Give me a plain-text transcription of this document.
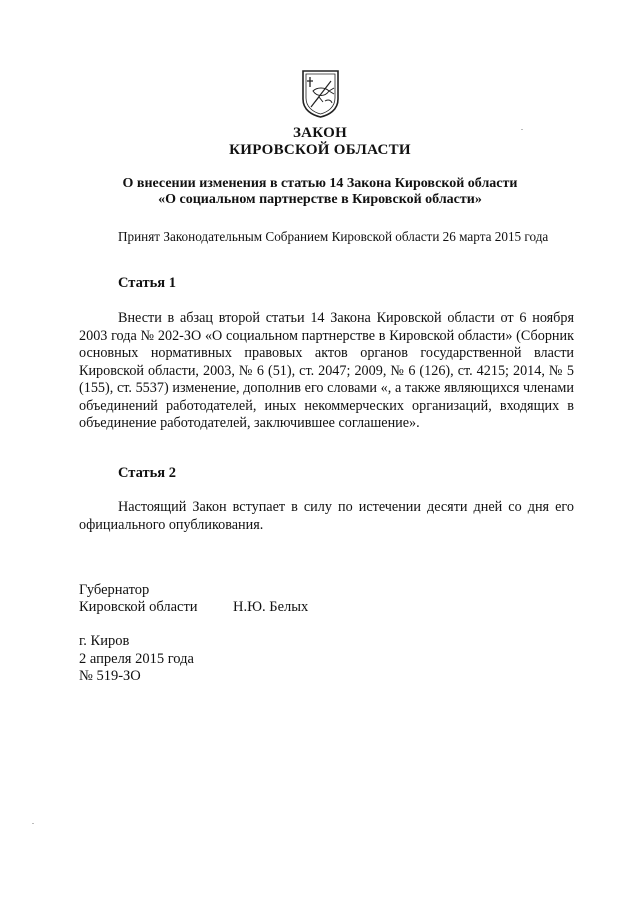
ЗАКОН
КИРОВСКОЙ ОБЛАСТИ
О внесении изменения в статью 14 Закона Кировской области
«О социальном партнерстве в Кировской области»
Принят Законодательным Собранием Кировской области 26 марта 2015 года
Статья 1

Внести в абзац второй статьи 14 Закона Кировской области от 6 ноября 2003 года № 202-ЗО «О социальном партнерстве в Кировской области» (Сборник основных нормативных правовых актов органов государственной власти Кировской области, 2003, № 6 (51), ст. 2047; 2009, № 6 (126), ст. 4215; 2014, № 5 (155), ст. 5537) изменение, дополнив его словами «, а также являющихся членами объединений работодателей, иных некоммерческих организаций, входящих в объединение работодателей, заключившее соглашение».

Статья 2

Настоящий Закон вступает в силу по истечении десяти дней со дня его официального опубликования.

Губернатор
Кировской области Н.Ю. Белых
г. Киров
2 апреля 2015 года
№ 519-ЗО
